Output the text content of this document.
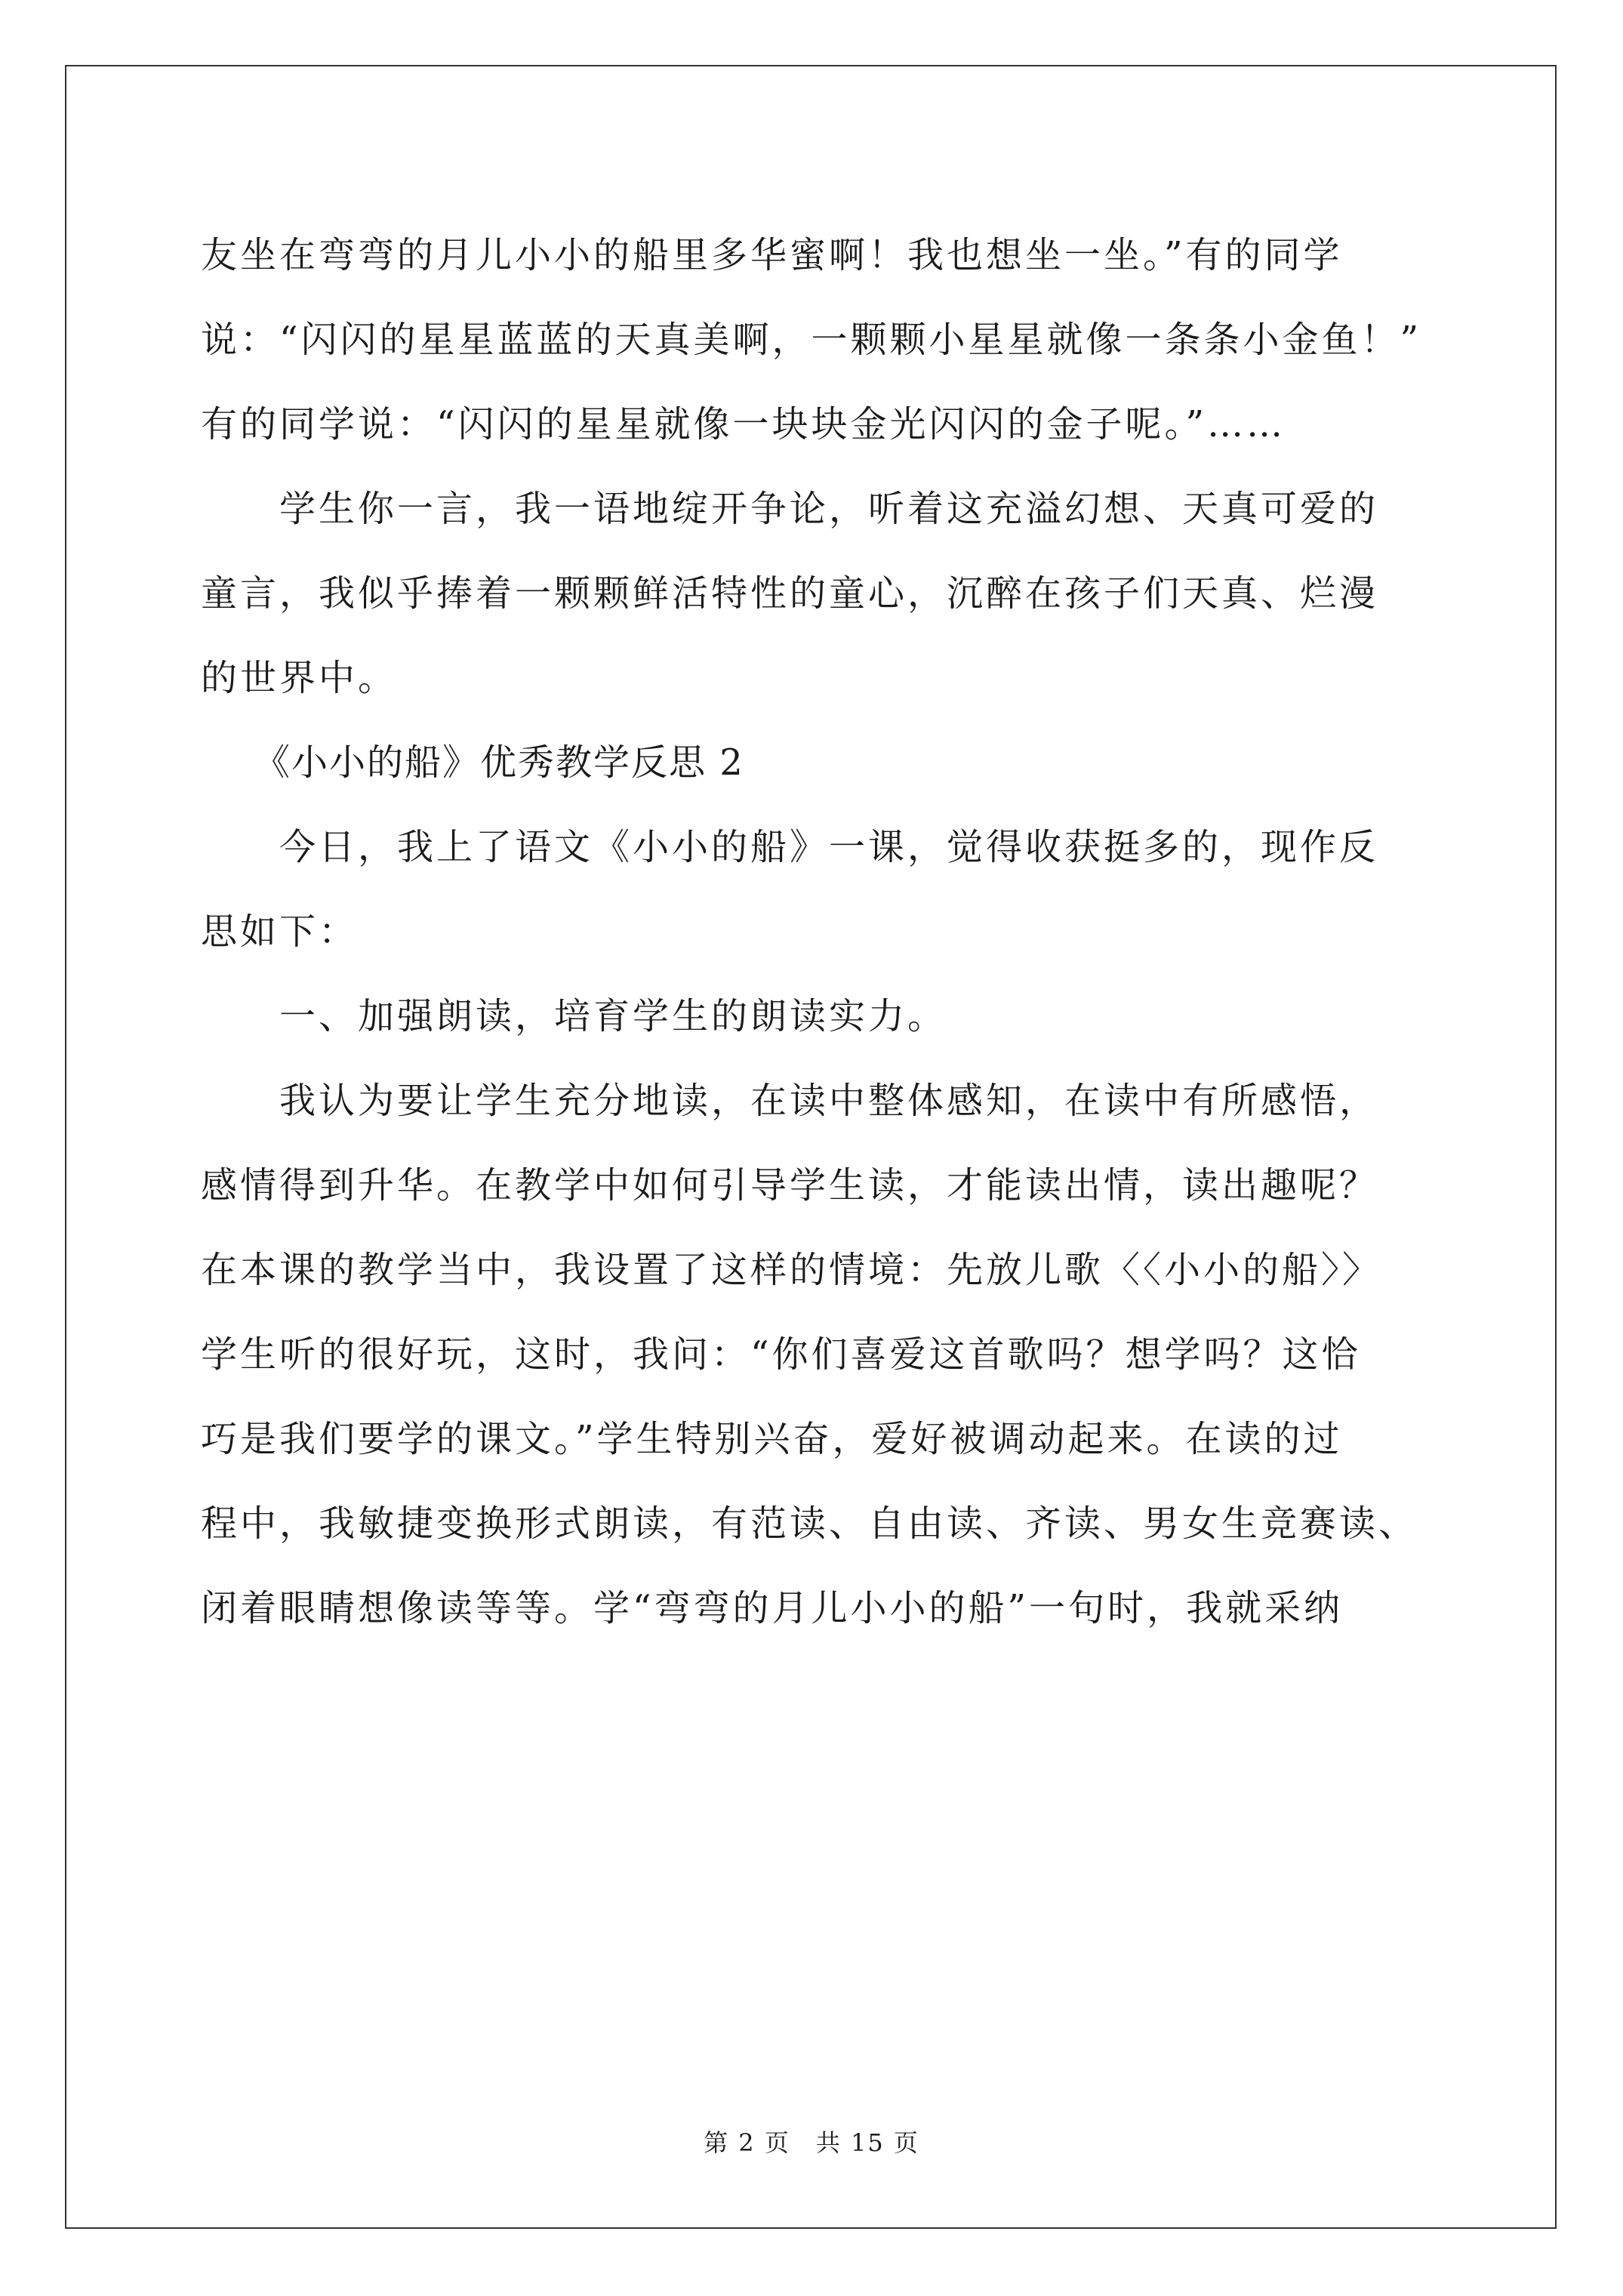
友坐在弯弯的月儿小小的船里多华蜜啊！我也想坐一坐。”有的同学
说：“闪闪的星星蓝蓝的天真美啊，一颗颗小星星就像一条条小金鱼！”
有的同学说：“闪闪的星星就像一块块金光闪闪的金子呢。”……
学生你一言，我一语地绽开争论，听着这充溢幻想、天真可爱的
童言，我似乎捧着一颗颗鲜活特性的童心，沉醉在孩子们天真、烂漫
的世界中。
《小小的船》优秀教学反思 2
今日，我上了语文《小小的船》一课，觉得收获挺多的，现作反
思如下：
一、加强朗读，培育学生的朗读实力。
我认为要让学生充分地读，在读中整体感知，在读中有所感悟，
感情得到升华。在教学中如何引导学生读，才能读出情，读出趣呢？
在本课的教学当中，我设置了这样的情境：先放儿歌〈〈小小的船〉〉
学生听的很好玩，这时，我问：“你们喜爱这首歌吗？想学吗？这恰
巧是我们要学的课文。”学生特别兴奋，爱好被调动起来。在读的过
程中，我敏捷变换形式朗读，有范读、自由读、齐读、男女生竞赛读、
闭着眼睛想像读等等。学“弯弯的月儿小小的船”一句时，我就采纳
第 2 页　共 15 页
